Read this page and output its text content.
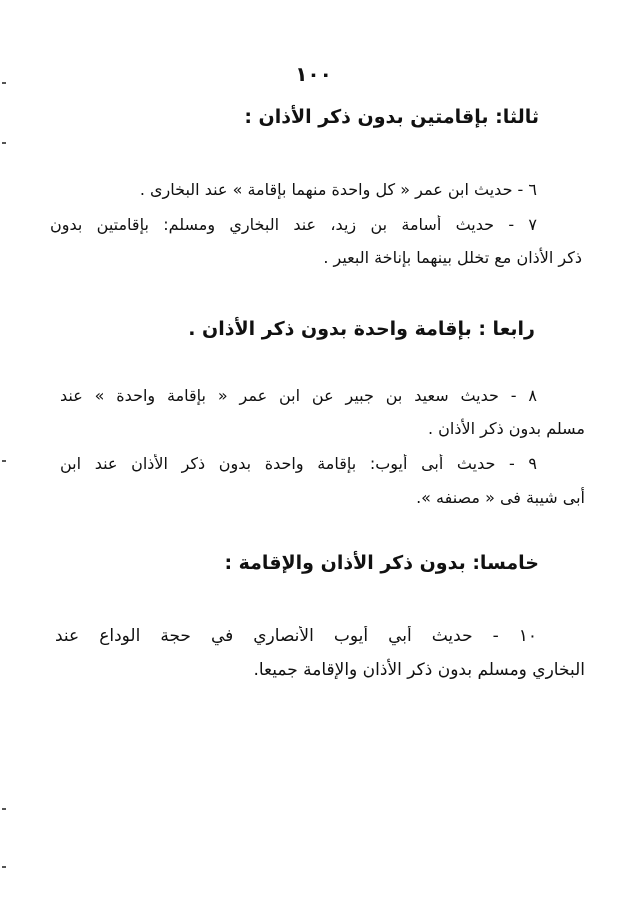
١٠٠
ثالثا: بإقامتين بدون ذكر الأذان :
٦ - حديث ابن عمر « كل واحدة منهما بإقامة » عند البخارى .
٧ - حديث أسامة بن زيد، عند البخاري ومسلم: بإقامتين بدون
ذكر الأذان مع تخلل بينهما بإناخة البعير .
رابعا : بإقامة واحدة بدون ذكر الأذان .
٨ - حديث سعيد بن جبير عن ابن عمر « بإقامة واحدة » عند
مسلم بدون ذكر الأذان .
٩ - حديث أبى أيوب: بإقامة واحدة بدون ذكر الأذان عند ابن
أبى شيبة فى « مصنفه ».
خامسا: بدون ذكر الأذان والإقامة :
١٠ - حديث أبي أيوب الأنصاري في حجة الوداع عند
البخاري ومسلم بدون ذكر الأذان والإقامة جميعا.
